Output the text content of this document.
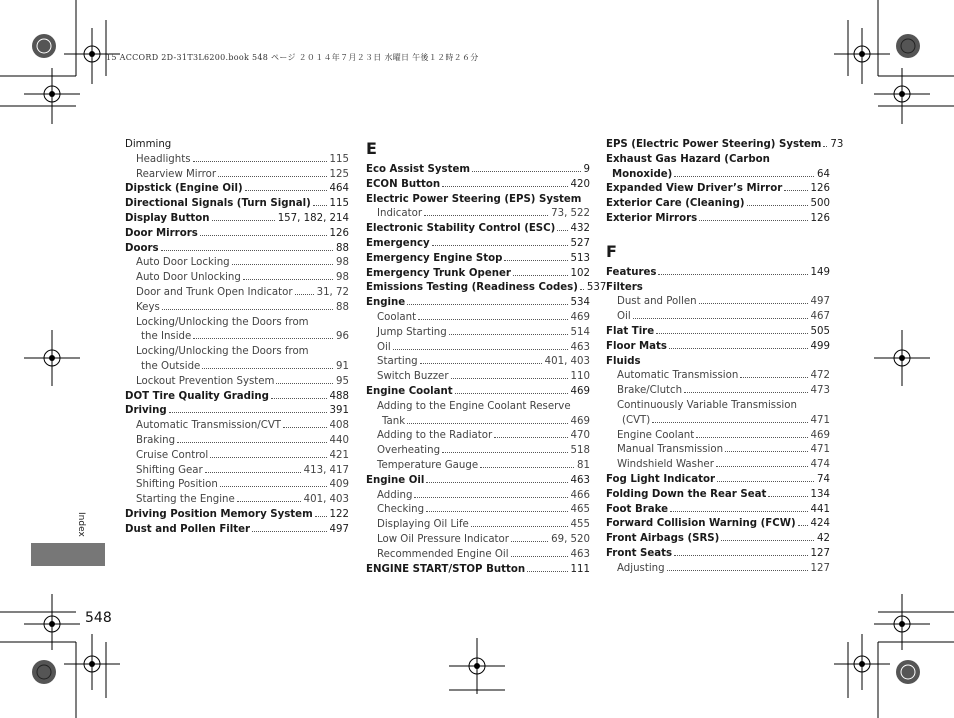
15 ACCORD 2D-31T3L6200.book 548 ページ ２０１４年７月２３日 水曜日 午後１２時２６分
Dimming
Headlights	115
Rearview Mirror	125
Dipstick (Engine Oil)	464
Directional Signals (Turn Signal) 115
Display Button	157, 182, 214
Door Mirrors	126
Doors	88
Auto Door Locking	98
Auto Door Unlocking	98
Door and Trunk Open Indicator 31, 72
Keys	88
Locking/Unlocking the Doors from
the Inside	96
Locking/Unlocking the Doors from
the Outside	91
Lockout Prevention System	95
DOT Tire Quality Grading	488
Driving	391
Automatic Transmission/CVT	408
Braking	440
Cruise Control	421
Shifting Gear	413, 417
Shifting Position	409
Starting the Engine	401, 403
Driving Position Memory System 122
Dust and Pollen Filter	497
E
Eco Assist System	9
ECON Button	420
Electric Power Steering (EPS) System
Indicator	73, 522
Electronic Stability Control (ESC) 432
Emergency	527
Emergency Engine Stop	513
Emergency Trunk Opener	102
Emissions Testing (Readiness Codes) 537
Engine	534
Coolant	469
Jump Starting	514
Oil	463
Starting	401, 403
Switch Buzzer	110
Engine Coolant	469
Adding to the Engine Coolant Reserve
Tank	469
Adding to the Radiator	470
Overheating	518
Temperature Gauge	81
Engine Oil	463
Adding	466
Checking	465
Displaying Oil Life	455
Low Oil Pressure Indicator	69, 520
Recommended Engine Oil	463
ENGINE START/STOP Button	111
EPS (Electric Power Steering) System 73
Exhaust Gas Hazard (Carbon
Monoxide)	64
Expanded View Driver’s Mirror	126
Exterior Care (Cleaning)	500
Exterior Mirrors	126
F
Features	149
Filters
Dust and Pollen	497
Oil	467
Flat Tire	505
Floor Mats	499
Fluids
Automatic Transmission	472
Brake/Clutch	473
Continuously Variable Transmission
(CVT)	471
Engine Coolant	469
Manual Transmission	471
Windshield Washer	474
Fog Light Indicator	74
Folding Down the Rear Seat	134
Foot Brake	441
Forward Collision Warning (FCW) 424
Front Airbags (SRS)	42
Front Seats	127
Adjusting	127
Index
548
